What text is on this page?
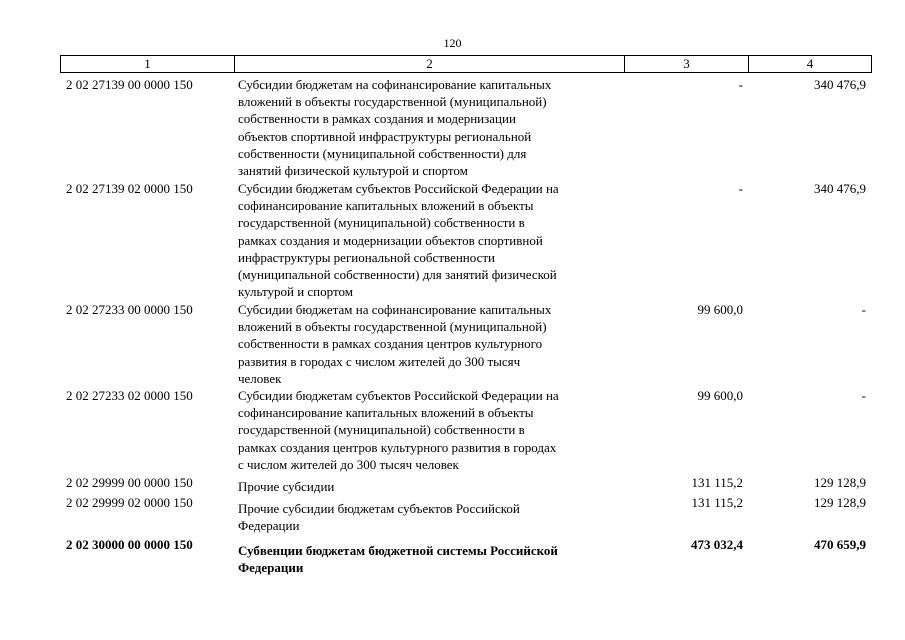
120
1	2	3	4
2 02 27139 00 0000 150	Субсидии бюджетам на софинансирование капитальных
вложений в объекты государственной (муниципальной)
собственности в рамках создания и модернизации
объектов спортивной инфраструктуры региональной
собственности (муниципальной собственности) для
занятий физической культурой и спортом
-	340 476,9
2 02 27139 02 0000 150	Субсидии бюджетам субъектов Российской Федерации на
софинансирование капитальных вложений в объекты
государственной (муниципальной) собственности в
рамках создания и модернизации объектов спортивной
инфраструктуры региональной собственности
(муниципальной собственности) для занятий физической
культурой и спортом
-	340 476,9
2 02 27233 00 0000 150	Субсидии бюджетам на софинансирование капитальных
вложений в объекты государственной (муниципальной)
собственности в рамках создания центров культурного
развития в городах с числом жителей до 300 тысяч
человек
99 600,0	-
2 02 27233 02 0000 150	Субсидии бюджетам субъектов Российской Федерации на
софинансирование капитальных вложений в объекты
государственной (муниципальной) собственности в
рамках создания центров культурного развития в городах
с числом жителей до 300 тысяч человек
99 600,0	-
2 02 29999 00 0000 150	Прочие субсидии	131 115,2	129 128,9
2 02 29999 02 0000 150	Прочие субсидии бюджетам субъектов Российской
Федерации
131 115,2	129 128,9
2 02 30000 00 0000 150	Субвенции бюджетам бюджетной системы Российской
Федерации
473 032,4	470 659,9
